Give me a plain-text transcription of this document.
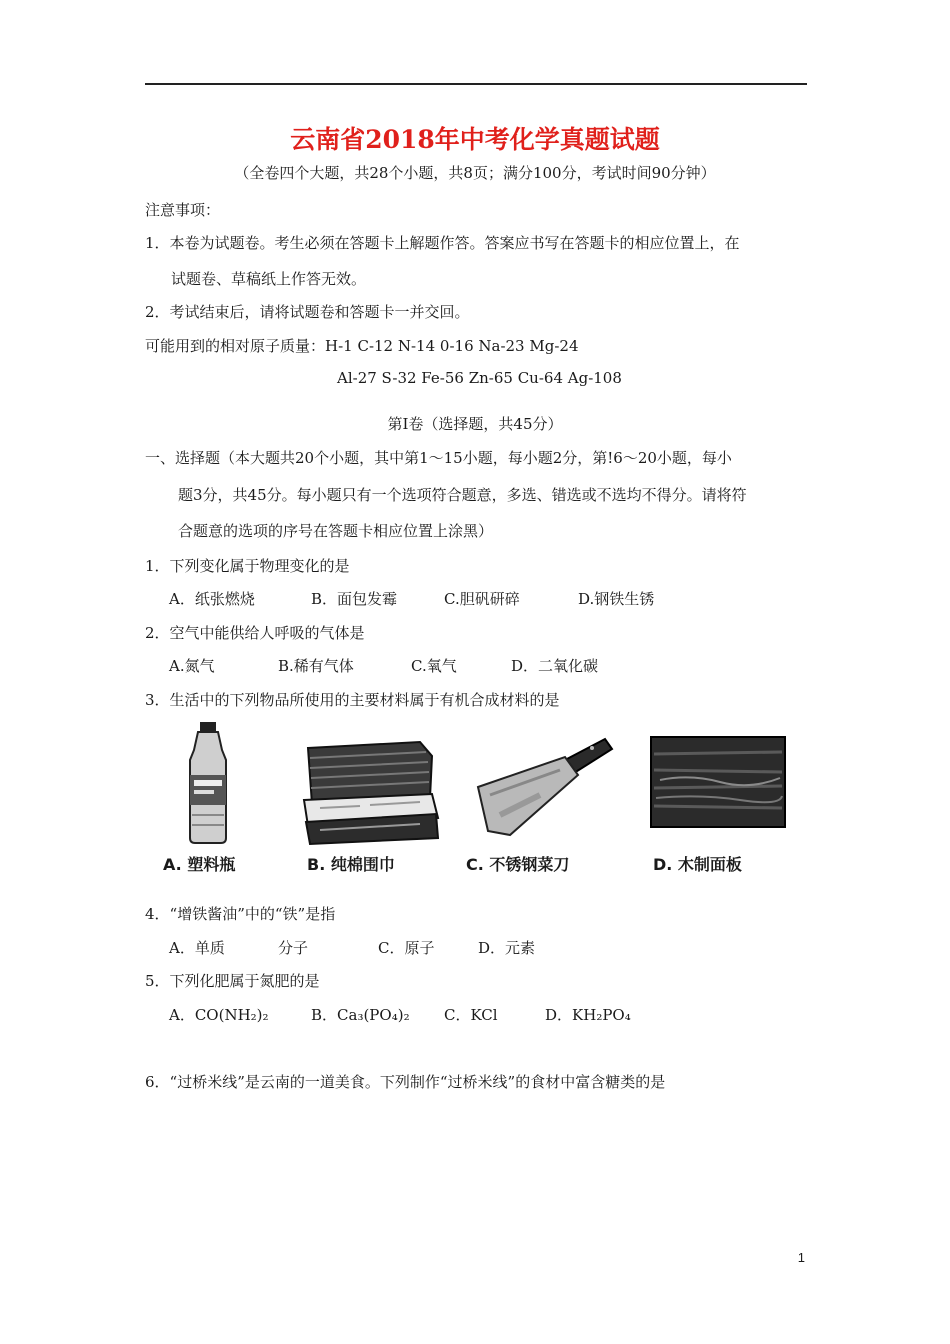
云南省2018年中考化学真题试题
（全卷四个大题，共28个小题，共8页；满分100分，考试时间90分钟）
注意事项：
1．本卷为试题卷。考生必须在答题卡上解题作答。答案应书写在答题卡的相应位置上，在
试题卷、草稿纸上作答无效。
2．考试结束后，请将试题卷和答题卡一并交回。
可能用到的相对原子质量：H-1 C-12 N-14 0-16 Na-23 Mg-24
Al-27 S-32 Fe-56 Zn-65 Cu-64 Ag-108
第Ⅰ卷（选择题，共45分）
一、选择题（本大题共20个小题，其中第1～15小题，每小题2分，第!6～20小题，每小
题3分，共45分。每小题只有一个选项符合题意，多选、错选或不选均不得分。请将符
合题意的选项的序号在答题卡相应位置上涂黑）
1．下列变化属于物理变化的是
A．纸张燃烧	B．面包发霉	C.胆矾研碎	D.钢铁生锈
2．空气中能供给人呼吸的气体是
A.氮气	B.稀有气体	C.氧气	D．二氧化碳
3．生活中的下列物品所使用的主要材料属于有机合成材料的是
A. 塑料瓶	B. 纯棉围巾	C. 不锈钢菜刀	D. 木制面板
4．“增铁酱油”中的“铁”是指
A．单质	分子	C．原子	D．元素
5．下列化肥属于氮肥的是
A．CO(NH₂)₂	B．Ca₃(PO₄)₂ C．KCl	D．KH₂PO₄
6．“过桥米线”是云南的一道美食。下列制作“过桥米线”的食材中富含糖类的是
1
